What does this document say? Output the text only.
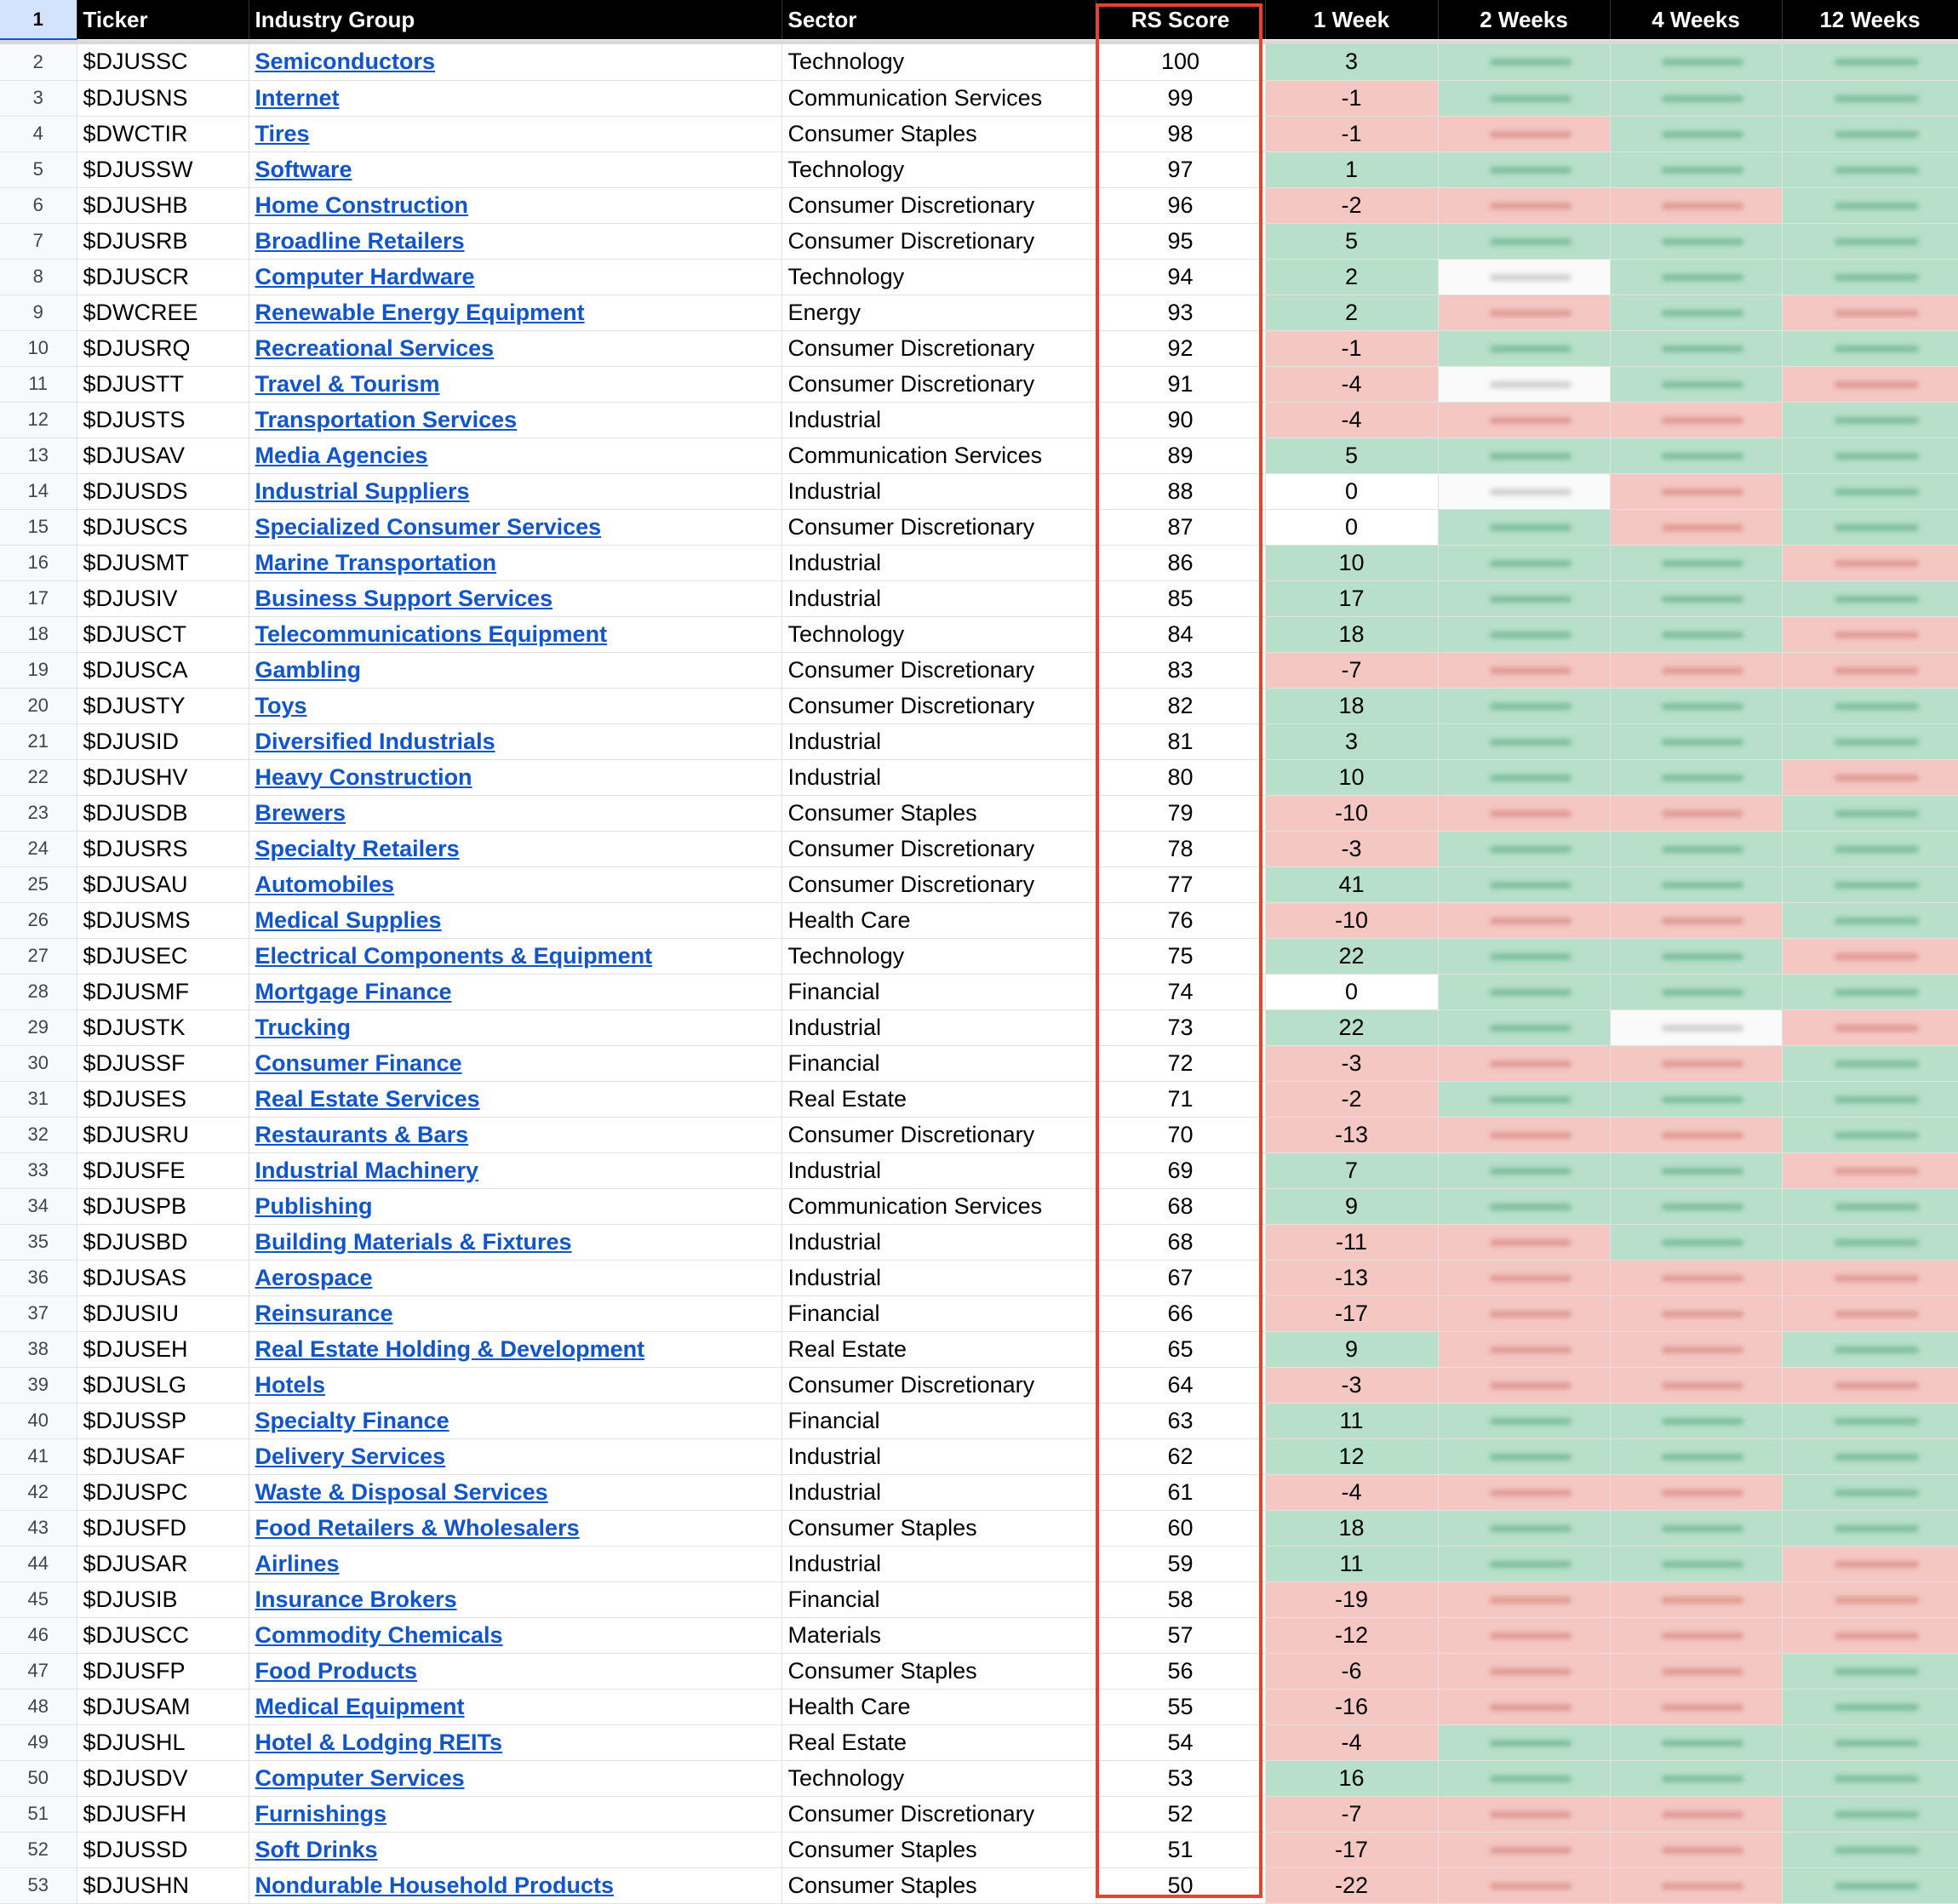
1	Ticker	Industry Group	Sector	RS Score	1 Week	2 Weeks	4 Weeks	12 Weeks

2	$DJUSSC	Semiconductors	Technology	100	3	

3	$DJUSNS	Internet	Communication Services	99	-1	

4	$DWCTIR	Tires	Consumer Staples	98	-1	

5	$DJUSSW	Software	Technology	97	1	

6	$DJUSHB	Home Construction	Consumer Discretionary	96	-2	

7	$DJUSRB	Broadline Retailers	Consumer Discretionary	95	5	

8	$DJUSCR	Computer Hardware	Technology	94	2	

9	$DWCREE	Renewable Energy Equipment	Energy	93	2	

10	$DJUSRQ	Recreational Services	Consumer Discretionary	92	-1	

11	$DJUSTT	Travel & Tourism	Consumer Discretionary	91	-4	

12	$DJUSTS	Transportation Services	Industrial	90	-4	

13	$DJUSAV	Media Agencies	Communication Services	89	5	

14	$DJUSDS	Industrial Suppliers	Industrial	88	0	

15	$DJUSCS	Specialized Consumer Services	Consumer Discretionary	87	0	

16	$DJUSMT	Marine Transportation	Industrial	86	10	

17	$DJUSIV	Business Support Services	Industrial	85	17	

18	$DJUSCT	Telecommunications Equipment	Technology	84	18	

19	$DJUSCA	Gambling	Consumer Discretionary	83	-7	

20	$DJUSTY	Toys	Consumer Discretionary	82	18	

21	$DJUSID	Diversified Industrials	Industrial	81	3	

22	$DJUSHV	Heavy Construction	Industrial	80	10	

23	$DJUSDB	Brewers	Consumer Staples	79	-10	

24	$DJUSRS	Specialty Retailers	Consumer Discretionary	78	-3	

25	$DJUSAU	Automobiles	Consumer Discretionary	77	41	

26	$DJUSMS	Medical Supplies	Health Care	76	-10	

27	$DJUSEC	Electrical Components & Equipment	Technology	75	22	

28	$DJUSMF	Mortgage Finance	Financial	74	0	

29	$DJUSTK	Trucking	Industrial	73	22	

30	$DJUSSF	Consumer Finance	Financial	72	-3	

31	$DJUSES	Real Estate Services	Real Estate	71	-2	

32	$DJUSRU	Restaurants & Bars	Consumer Discretionary	70	-13	

33	$DJUSFE	Industrial Machinery	Industrial	69	7	

34	$DJUSPB	Publishing	Communication Services	68	9	

35	$DJUSBD	Building Materials & Fixtures	Industrial	68	-11	

36	$DJUSAS	Aerospace	Industrial	67	-13	

37	$DJUSIU	Reinsurance	Financial	66	-17	

38	$DJUSEH	Real Estate Holding & Development	Real Estate	65	9	

39	$DJUSLG	Hotels	Consumer Discretionary	64	-3	

40	$DJUSSP	Specialty Finance	Financial	63	11	

41	$DJUSAF	Delivery Services	Industrial	62	12	

42	$DJUSPC	Waste & Disposal Services	Industrial	61	-4	

43	$DJUSFD	Food Retailers & Wholesalers	Consumer Staples	60	18	

44	$DJUSAR	Airlines	Industrial	59	11	

45	$DJUSIB	Insurance Brokers	Financial	58	-19	

46	$DJUSCC	Commodity Chemicals	Materials	57	-12	

47	$DJUSFP	Food Products	Consumer Staples	56	-6	

48	$DJUSAM	Medical Equipment	Health Care	55	-16	

49	$DJUSHL	Hotel & Lodging REITs	Real Estate	54	-4	

50	$DJUSDV	Computer Services	Technology	53	16	

51	$DJUSFH	Furnishings	Consumer Discretionary	52	-7	

52	$DJUSSD	Soft Drinks	Consumer Staples	51	-17	

53	$DJUSHN	Nondurable Household Products	Consumer Staples	50	-22	
